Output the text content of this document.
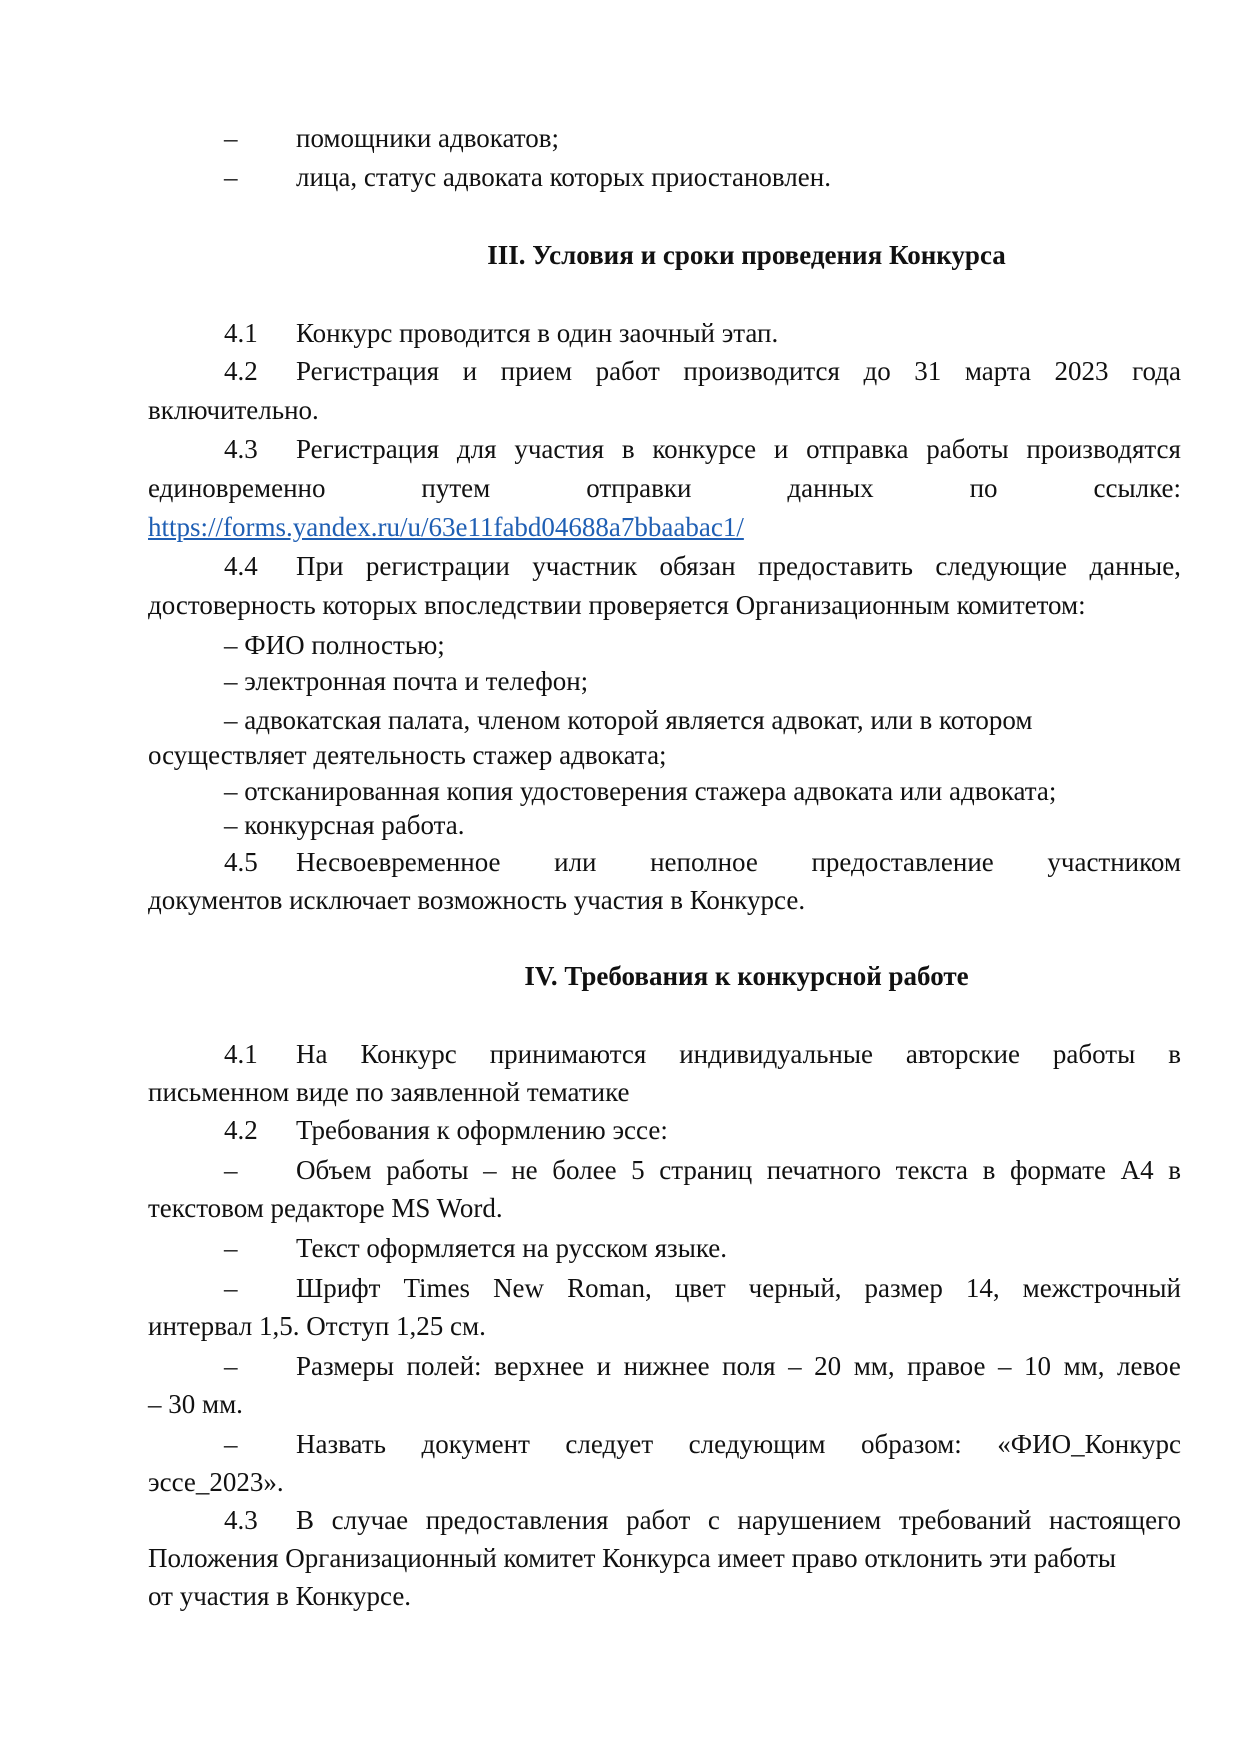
– помощники адвокатов;
– лица, статус адвоката которых приостановлен.
III. Условия и сроки проведения Конкурса
4.1 Конкурс проводится в один заочный этап.
4.2 Регистрация и прием работ производится до 31 марта 2023 года
включительно.
4.3 Регистрация для участия в конкурсе и отправка работы производятся
единовременно	путем	отправки	данных	по	ссылке:
https://forms.yandex.ru/u/63e11fabd04688a7bbaabac1/
4.4 При регистрации участник обязан предоставить следующие данные,
достоверность которых впоследствии проверяется Организационным комитетом:
– ФИО полностью;
– электронная почта и телефон;
– адвокатская палата, членом которой является адвокат, или в котором
осуществляет деятельность стажер адвоката;
– отсканированная копия удостоверения стажера адвоката или адвоката;
– конкурсная работа.
4.5 Несвоевременное или неполное предоставление участником
документов исключает возможность участия в Конкурсе.
IV. Требования к конкурсной работе
4.1 На Конкурс принимаются индивидуальные авторские работы в
письменном виде по заявленной тематике
4.2 Требования к оформлению эссе:
– Объем работы – не более 5 страниц печатного текста в формате А4 в
текстовом редакторе MS Word.
– Текст оформляется на русском языке.
– Шрифт Times New Roman, цвет черный, размер 14, межстрочный
интервал 1,5. Отступ 1,25 см.
– Размеры полей: верхнее и нижнее поля – 20 мм, правое – 10 мм, левое
– 30 мм.
– Назвать документ следует следующим образом: «ФИО_Конкурс
эссе_2023».
4.3 В случае предоставления работ с нарушением требований настоящего
Положения Организационный комитет Конкурса имеет право отклонить эти работы
от участия в Конкурсе.
